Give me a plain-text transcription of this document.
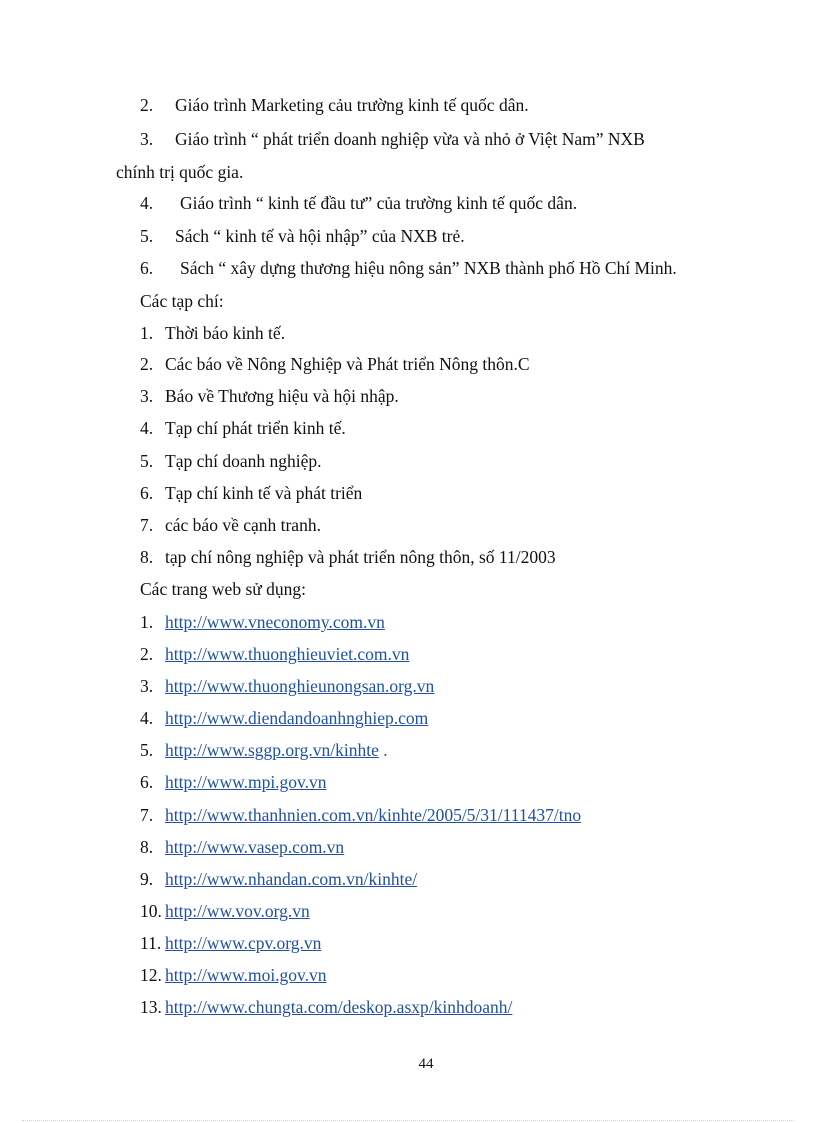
2. Giáo trình Marketing cảu trường kinh tế quốc dân.
3. Giáo trình “ phát triển doanh nghiệp vừa và nhỏ ở Việt Nam” NXB
chính trị quốc gia.
4. Giáo trình “ kinh tế đầu tư” của trường kinh tế quốc dân.
5. Sách “ kinh tế và hội nhập” của NXB trẻ.
6. Sách “ xây dựng thương hiệu nông sản” NXB thành phố Hồ Chí Minh.
Các tạp chí:
1. Thời báo kinh tế.
2. Các báo về Nông Nghiệp và Phát triển Nông thôn.C
3. Báo về Thương hiệu và hội nhập.
4. Tạp chí phát triển kinh tế.
5. Tạp chí doanh nghiệp.
6. Tạp chí kinh tế và phát triển
7. các báo về cạnh tranh.
8. tạp chí nông nghiệp và phát triển nông thôn, số 11/2003
Các trang web sử dụng:
1. http://www.vneconomy.com.vn
2. http://www.thuonghieuviet.com.vn
3. http://www.thuonghieunongsan.org.vn
4. http://www.diendandoanhnghiep.com
5. http://www.sggp.org.vn/kinhte .
6. http://www.mpi.gov.vn
7. http://www.thanhnien.com.vn/kinhte/2005/5/31/111437/tno
8. http://www.vasep.com.vn
9. http://www.nhandan.com.vn/kinhte/
10. http://ww.vov.org.vn
11. http://www.cpv.org.vn
12. http://www.moi.gov.vn
13. http://www.chungta.com/deskop.asxp/kinhdoanh/
44
